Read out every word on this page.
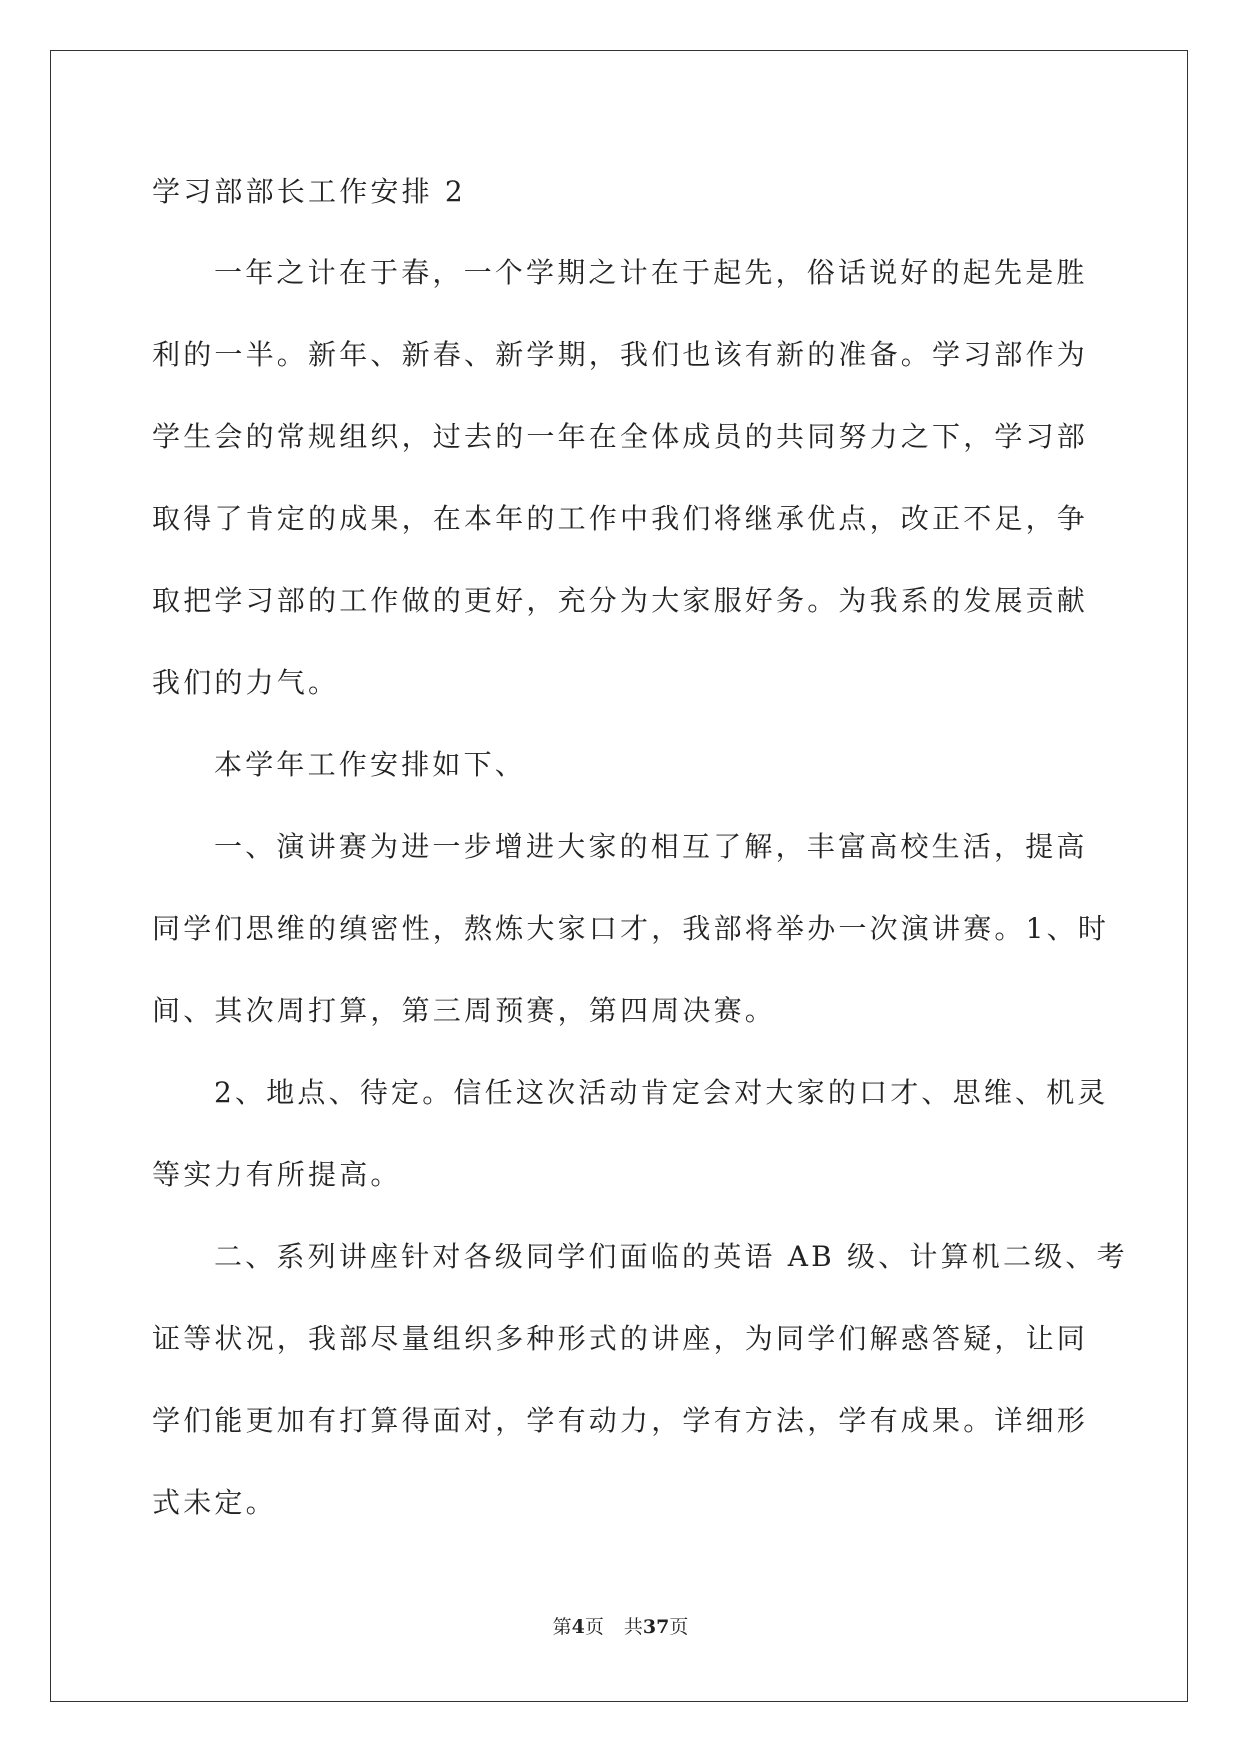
学习部部长工作安排 2

一年之计在于春，一个学期之计在于起先，俗话说好的起先是胜

利的一半。新年、新春、新学期，我们也该有新的准备。学习部作为

学生会的常规组织，过去的一年在全体成员的共同努力之下，学习部

取得了肯定的成果，在本年的工作中我们将继承优点，改正不足，争

取把学习部的工作做的更好，充分为大家服好务。为我系的发展贡献

我们的力气。

本学年工作安排如下、

一、演讲赛为进一步增进大家的相互了解，丰富高校生活，提高

同学们思维的缜密性，熬炼大家口才，我部将举办一次演讲赛。1、时

间、其次周打算，第三周预赛，第四周决赛。

2、地点、待定。信任这次活动肯定会对大家的口才、思维、机灵

等实力有所提高。

二、系列讲座针对各级同学们面临的英语 AB 级、计算机二级、考

证等状况，我部尽量组织多种形式的讲座，为同学们解惑答疑，让同

学们能更加有打算得面对，学有动力，学有方法，学有成果。详细形

式未定。

第4页 共37页
